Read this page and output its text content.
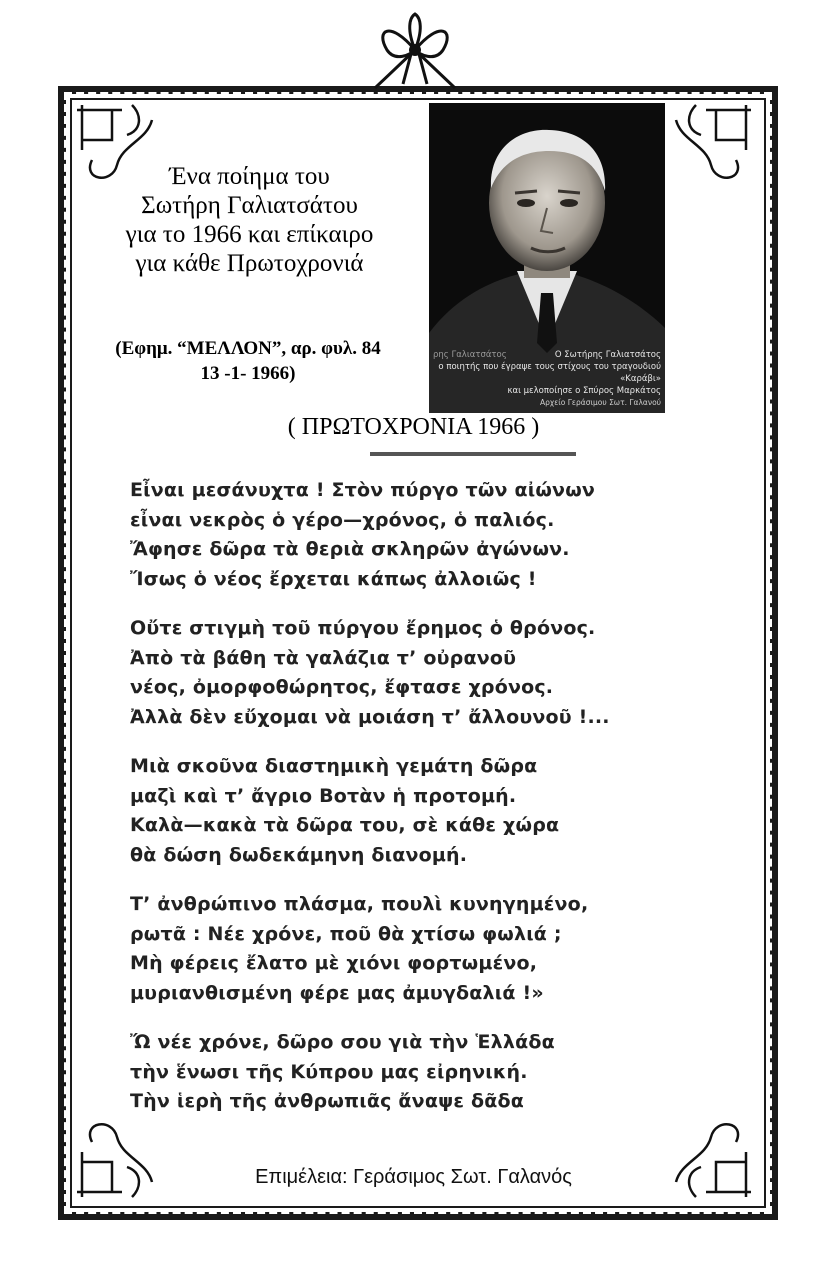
Ένα ποίημα του
Σωτήρη Γαλιατσάτου
για το 1966 και επίκαιρο
για κάθε Πρωτοχρονιά
(Εφημ. “ΜΕΛΛΟΝ”, αρ. φυλ. 84
13 -1- 1966)
ρης Γαλιατσάτος	Ο Σωτήρης Γαλιατσάτος
ο ποιητής που έγραψε τους στίχους του τραγουδιού
«Καράβι»
και μελοποίησε ο Σπύρος Μαρκάτος
Αρχείο Γεράσιμου Σωτ. Γαλανού
( ΠΡΩΤΟΧΡΟΝΙΑ 1966 )
Εἶναι μεσάνυχτα ! Στὸν πύργο τῶν αἰώνων
εἶναι νεκρὸς ὁ γέρο—χρόνος, ὁ παλιός.
Ἄφησε δῶρα τὰ θεριὰ σκληρῶν ἀγώνων.
Ἴσως ὁ νέος ἔρχεται κάπως ἀλλοιῶς !
Οὔτε στιγμὴ τοῦ πύργου ἔρημος ὁ θρόνος.
Ἀπὸ τὰ βάθη τὰ γαλάζια τ’ οὐρανοῦ
νέος, ὀμορφοθώρητος, ἔφτασε χρόνος.
Ἀλλὰ δὲν εὔχομαι νὰ μοιάση τ’ ἄλλουνοῦ !...
Μιὰ σκοῦνα διαστημικὴ γεμάτη δῶρα
μαζὶ καὶ τ’ ἄγριο Βοτὰν ἡ προτομή.
Καλὰ—κακὰ τὰ δῶρα του, σὲ κάθε χώρα
θὰ δώση δωδεκάμηνη διανομή.
Τ’ ἀνθρώπινο πλάσμα, πουλὶ κυνηγημένο,
ρωτᾶ : Νέε χρόνε, ποῦ θὰ χτίσω φωλιά ;
Μὴ φέρεις ἔλατο μὲ χιόνι φορτωμένο,
μυριανθισμένη φέρε μας ἀμυγδαλιά !»
Ὤ νέε χρόνε, δῶρο σου γιὰ τὴν Ἑλλάδα
τὴν ἕνωσι τῆς Κύπρου μας εἰρηνική.
Τὴν ἱερὴ τῆς ἀνθρωπιᾶς ἄναψε δᾶδα
Επιμέλεια: Γεράσιμος Σωτ. Γαλανός
